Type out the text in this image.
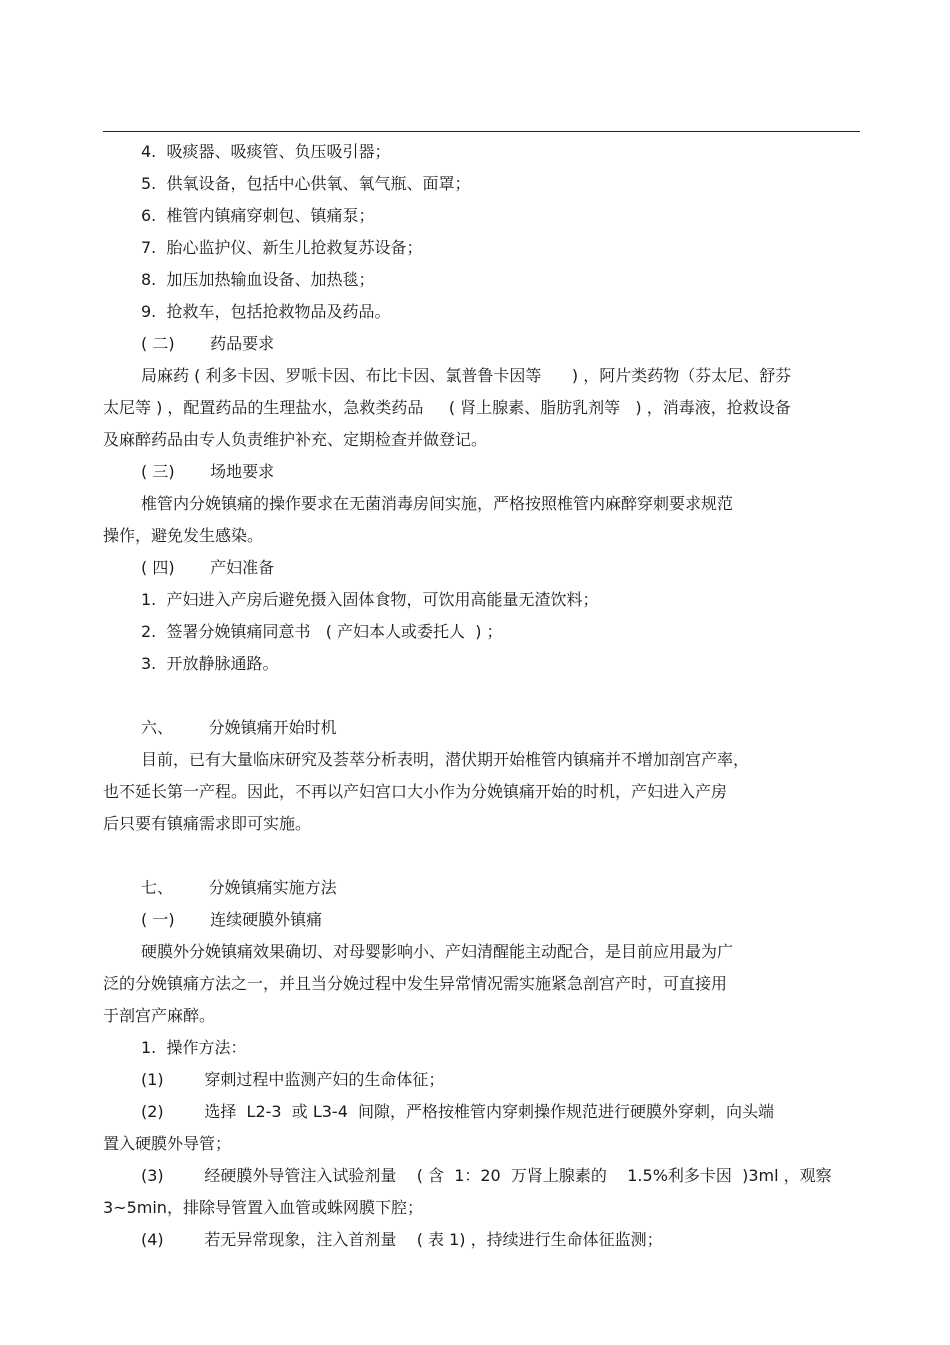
4.  吸痰器、吸痰管、负压吸引器；
5.  供氧设备，包括中心供氧、氧气瓶、面罩；
6.  椎管内镇痛穿刺包、镇痛泵；
7.  胎心监护仪、新生儿抢救复苏设备；
8.  加压加热输血设备、加热毯；
9.  抢救车，包括抢救物品及药品。
( 二)       药品要求
局麻药 ( 利多卡因、罗哌卡因、布比卡因、氯普鲁卡因等      ) ，阿片类药物（芬太尼、舒芬
太尼等 ) ，配置药品的生理盐水，急救类药品     ( 肾上腺素、脂肪乳剂等   ) ，消毒液，抢救设备
及麻醉药品由专人负责维护补充、定期检查并做登记。
( 三)       场地要求
椎管内分娩镇痛的操作要求在无菌消毒房间实施，严格按照椎管内麻醉穿刺要求规范
操作，避免发生感染。
( 四)       产妇准备
1.  产妇进入产房后避免摄入固体食物，可饮用高能量无渣饮料；
2.  签署分娩镇痛同意书   ( 产妇本人或委托人  ) ；
3.  开放静脉通路。
六、       分娩镇痛开始时机
目前，已有大量临床研究及荟萃分析表明，潜伏期开始椎管内镇痛并不增加剖宫产率，
也不延长第一产程。因此，不再以产妇宫口大小作为分娩镇痛开始的时机，产妇进入产房
后只要有镇痛需求即可实施。
七、       分娩镇痛实施方法
( 一)       连续硬膜外镇痛
硬膜外分娩镇痛效果确切、对母婴影响小、产妇清醒能主动配合，是目前应用最为广
泛的分娩镇痛方法之一，并且当分娩过程中发生异常情况需实施紧急剖宫产时，可直接用
于剖宫产麻醉。
1.  操作方法：
(1)        穿刺过程中监测产妇的生命体征；
(2)        选择  L2-3  或 L3-4  间隙，严格按椎管内穿刺操作规范进行硬膜外穿刺，向头端
置入硬膜外导管；
(3)        经硬膜外导管注入试验剂量    ( 含  1：20  万肾上腺素的    1.5%利多卡因  )3ml ，观察
3~5min，排除导管置入血管或蛛网膜下腔；
(4)        若无异常现象，注入首剂量    ( 表 1) ，持续进行生命体征监测；
